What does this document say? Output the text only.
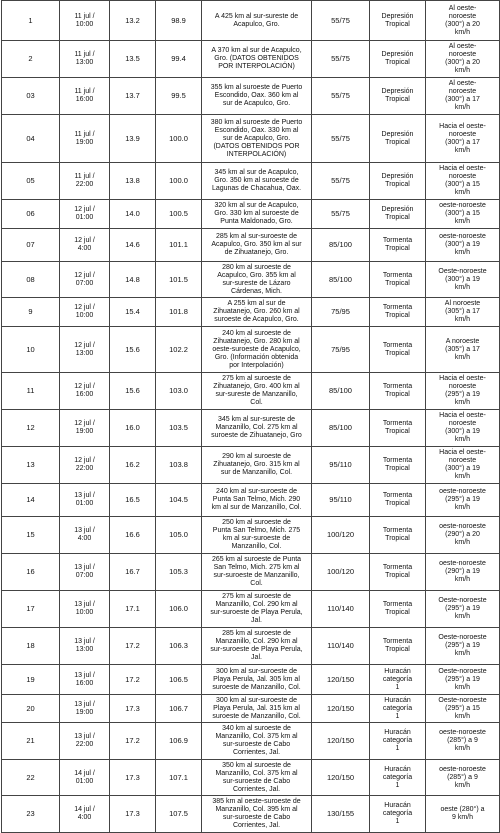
1	11 jul /
10:00	13.2	98.9	A 425 km al sur-sureste de
Acapulco, Gro.	55/75	Depresión
Tropical	Al oeste-
noroeste
(300°) a 20
km/h
2	11 jul /
13:00	13.5	99.4	A 370 km al sur de Acapulco,
Gro. (DATOS OBTENIDOS
POR INTERPOLACIÓN)	55/75	Depresión
Tropical	Al oeste-
noroeste
(300°) a 20
km/h
03	11 jul /
16:00	13.7	99.5	355 km al suroeste de Puerto
Escondido, Oax. 360 km al
sur de Acapulco, Gro.	55/75	Depresión
Tropical	Al oeste-
noroeste
(300°) a 17
km/h
04	11 jul /
19:00	13.9	100.0	380 km al suroeste de Puerto
Escondido, Oax. 330 km al
sur de Acapulco, Gro.
(DATOS OBTENIDOS POR
INTERPOLACIÓN)	55/75	Depresión
Tropical	Hacia el oeste-
noroeste
(300°) a 17
km/h
05	11 jul /
22:00	13.8	100.0	345 km al sur de Acapulco,
Gro. 350 km al suroeste de
Lagunas de Chacahua, Oax.	55/75	Depresión
Tropical	Hacia el oeste-
noroeste
(300°) a 15
km/h
06	12 jul /
01:00	14.0	100.5	320 km al sur de Acapulco,
Gro. 330 km al suroeste de
Punta Maldonado, Gro.	55/75	Depresión
Tropical	oeste-noroeste
(300°) a 15
km/h
07	12 jul /
4:00	14.6	101.1	285 km al sur-suroeste de
Acapulco, Gro. 350 km al sur
de Zihuatanejo, Gro.	85/100	Tormenta
Tropical	oeste-noroeste
(300°) a 19
km/h
08	12 jul /
07:00	14.8	101.5	280 km al suroeste de
Acapulco, Gro. 355 km al
sur-sureste de Lázaro
Cárdenas, Mich.	85/100	Tormenta
Tropical	Oeste-noroeste
(300°) a 19
km/h
9	12 jul /
10:00	15.4	101.8	A 255 km al sur de
Zihuatanejo, Gro. 260 km al
suroeste de Acapulco, Gro.	75/95	Tormenta
Tropical	Al noroeste
(305°) a 17
km/h
10	12 jul /
13:00	15.6	102.2	240 km al suroeste de
Zihuatanejo, Gro. 280 km al
oeste-suroeste de Acapulco,
Gro. (Información obtenida
por Interpolación)	75/95	Tormenta
Tropical	A noroeste
(305°) a 17
km/h
11	12 jul /
16:00	15.6	103.0	275 km al suroeste de
Zihuatanejo, Gro. 400 km al
sur-sureste de Manzanillo,
Col.	85/100	Tormenta
Tropical	Hacia el oeste-
noroeste
(295°) a 19
km/h
12	12 jul /
19:00	16.0	103.5	345 km al sur-sureste de
Manzanillo, Col. 275 km al
suroeste de Zihuatanejo, Gro	85/100	Tormenta
Tropical	Hacia el oeste-
noroeste
(300°) a 19
km/h
13	12 jul /
22:00	16.2	103.8	290 km al suroeste de
Zihuatanejo, Gro. 315 km al
sur de Manzanillo, Col.	95/110	Tormenta
Tropical	Hacia el oeste-
noroeste
(300°) a 19
km/h
14	13 jul /
01:00	16.5	104.5	240 km al sur-suroeste de
Punta San Telmo, Mich. 290
km al sur de Manzanillo, Col.	95/110	Tormenta
Tropical	oeste-noroeste
(295°) a 19
km/h
15	13 jul /
4:00	16.6	105.0	250 km al suroeste de
Punta San Telmo, Mich. 275
km al sur-suroeste de
Manzanillo, Col.	100/120	Tormenta
Tropical	oeste-noroeste
(290°) a 20
km/h
16	13 jul /
07:00	16.7	105.3	265 km al suroeste de Punta
San Telmo, Mich. 275 km al
sur-suroeste de Manzanillo,
Col.	100/120	Tormenta
Tropical	oeste-noroeste
(290°) a 19
km/h
17	13 jul /
10:00	17.1	106.0	275 km al suroeste de
Manzanillo, Col. 290 km al
sur-suroeste de Playa Perula,
Jal.	110/140	Tormenta
Tropical	Oeste-noroeste
(295°) a 19
km/h
18	13 jul /
13:00	17.2	106.3	285 km al suroeste de
Manzanillo, Col. 290 km al
sur-suroeste de Playa Perula,
Jal.	110/140	Tormenta
Tropical	Oeste-noroeste
(295°) a 19
km/h
19	13 jul /
16:00	17.2	106.5	300 km al sur-suroeste de
Playa Perula, Jal. 305 km al
suroeste de Manzanillo, Col.	120/150	Huracán
categoría
1	Oeste-noroeste
(295°) a 19
km/h
20	13 jul /
19:00	17.3	106.7	300 km al sur-suroeste de
Playa Perula, Jal. 315 km al
suroeste de Manzanillo, Col.	120/150	Huracán
categoría
1	Oeste-noroeste
(295°) a 15
km/h
21	13 jul /
22:00	17.2	106.9	340 km al suroeste de
Manzanillo, Col. 375 km al
sur-suroeste de Cabo
Corrientes, Jal.	120/150	Huracán
categoría
1	oeste-noroeste
(285°) a 9
km/h
22	14 jul /
01:00	17.3	107.1	350 km al suroeste de
Manzanillo, Col. 375 km al
sur-suroeste de Cabo
Corrientes, Jal.	120/150	Huracán
categoría
1	oeste-noroeste
(285°) a 9
km/h
23	14 jul /
4:00	17.3	107.5	385 km al oeste-suroeste de
Manzanillo, Col. 395 km al
sur-suroeste de Cabo
Corrientes, Jal.	130/155	Huracán
categoría
1	oeste (280°) a
9 km/h
